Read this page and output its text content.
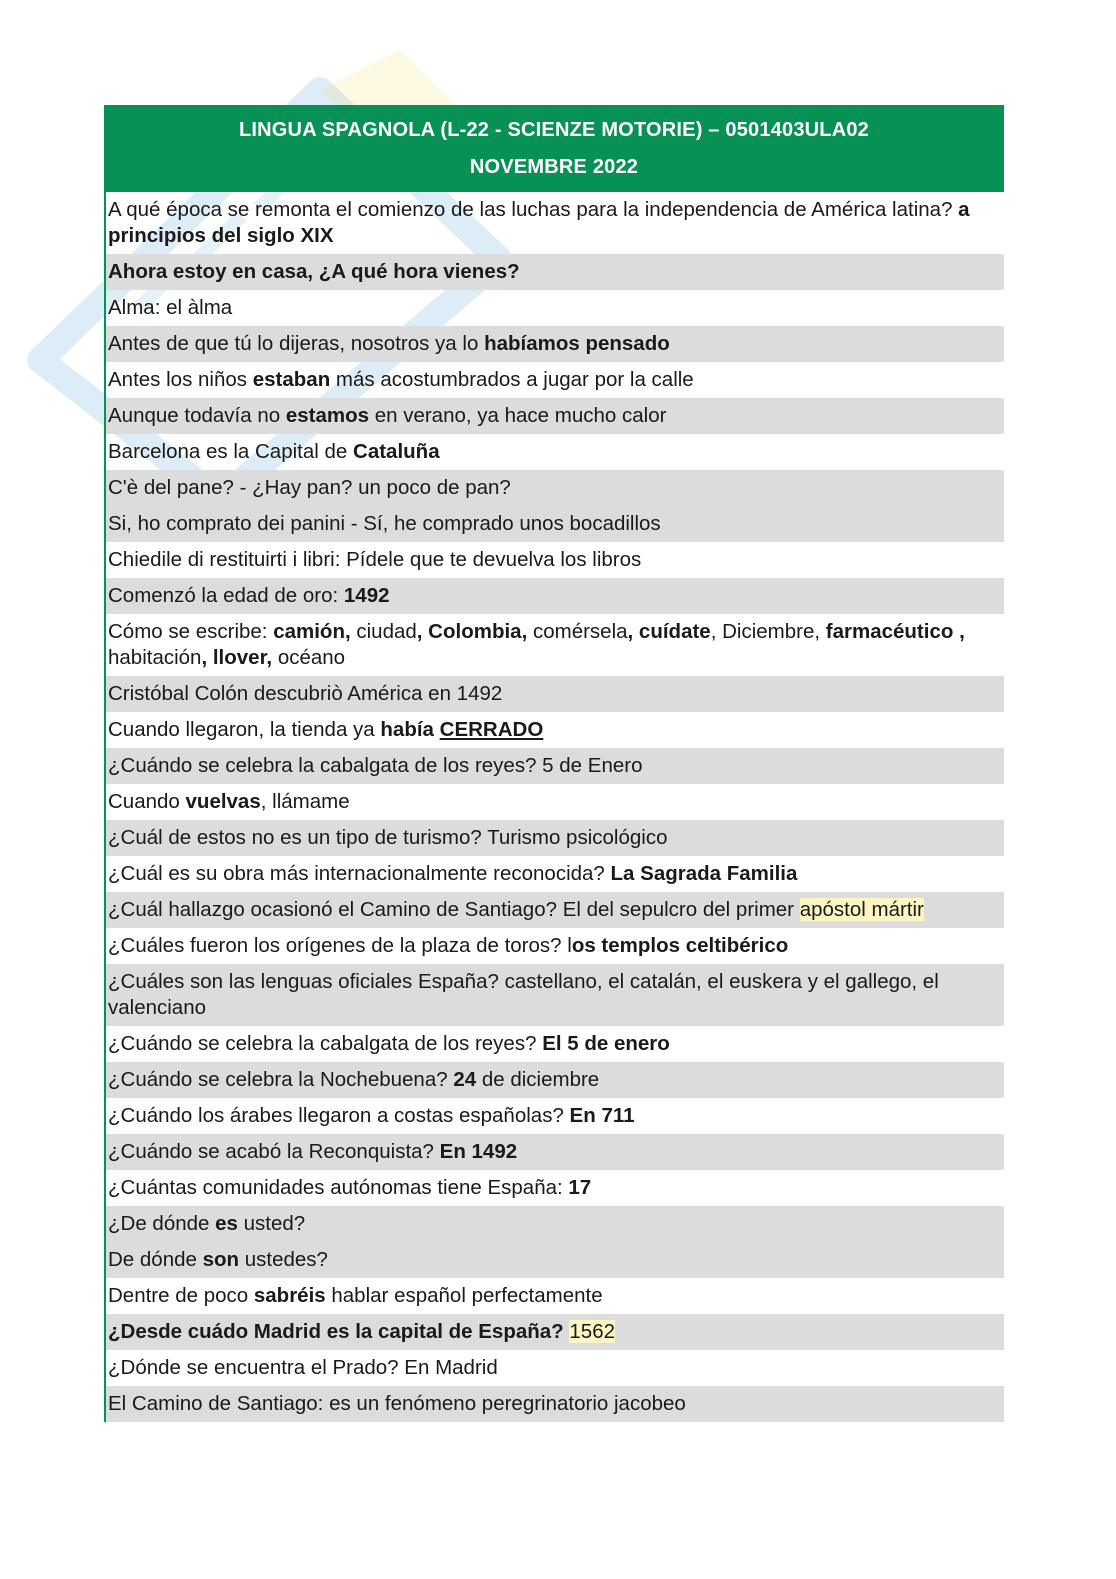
LINGUA SPAGNOLA (L-22 - SCIENZE MOTORIE) – 0501403ULA02
NOVEMBRE 2022
A qué época se remonta el comienzo de las luchas para la independencia de América latina? a principios del siglo XIX
Ahora estoy en casa, ¿A qué hora vienes?
Alma: el àlma
Antes de que tú lo dijeras, nosotros ya lo habíamos pensado
Antes los niños estaban más acostumbrados a jugar por la calle
Aunque todavía no estamos en verano, ya hace mucho calor
Barcelona es la Capital de Cataluña
C'è del pane? - ¿Hay pan? un poco de pan?
Si, ho comprato dei panini - Sí, he comprado unos bocadillos
Chiedile di restituirti i libri: Pídele que te devuelva los libros
Comenzó la edad de oro: 1492
Cómo se escribe: camión, ciudad, Colombia, comérsela, cuídate, Diciembre, farmacéutico , habitación, llover, océano
Cristóbal Colón descubriò América en 1492
Cuando llegaron, la tienda ya había CERRADO
¿Cuándo se celebra la cabalgata de los reyes? 5 de Enero
Cuando vuelvas, llámame
¿Cuál de estos no es un tipo de turismo? Turismo psicológico
¿Cuál es su obra más internacionalmente reconocida? La Sagrada Familia
¿Cuál hallazgo ocasionó el Camino de Santiago? El del sepulcro del primer apóstol mártir
¿Cuáles fueron los orígenes de la plaza de toros? los templos celtibérico
¿Cuáles son las lenguas oficiales España? castellano, el catalán, el euskera y el gallego, el valenciano
¿Cuándo se celebra la cabalgata de los reyes? El 5 de enero
¿Cuándo se celebra la Nochebuena? 24 de diciembre
¿Cuándo los árabes llegaron a costas españolas? En 711
¿Cuándo se acabó la Reconquista? En 1492
¿Cuántas comunidades autónomas tiene España: 17
¿De dónde es usted?
De dónde son ustedes?
Dentre de poco sabréis hablar español perfectamente
¿Desde cuádo Madrid es la capital de España? 1562
¿Dónde se encuentra el Prado? En Madrid
El Camino de Santiago: es un fenómeno peregrinatorio jacobeo
